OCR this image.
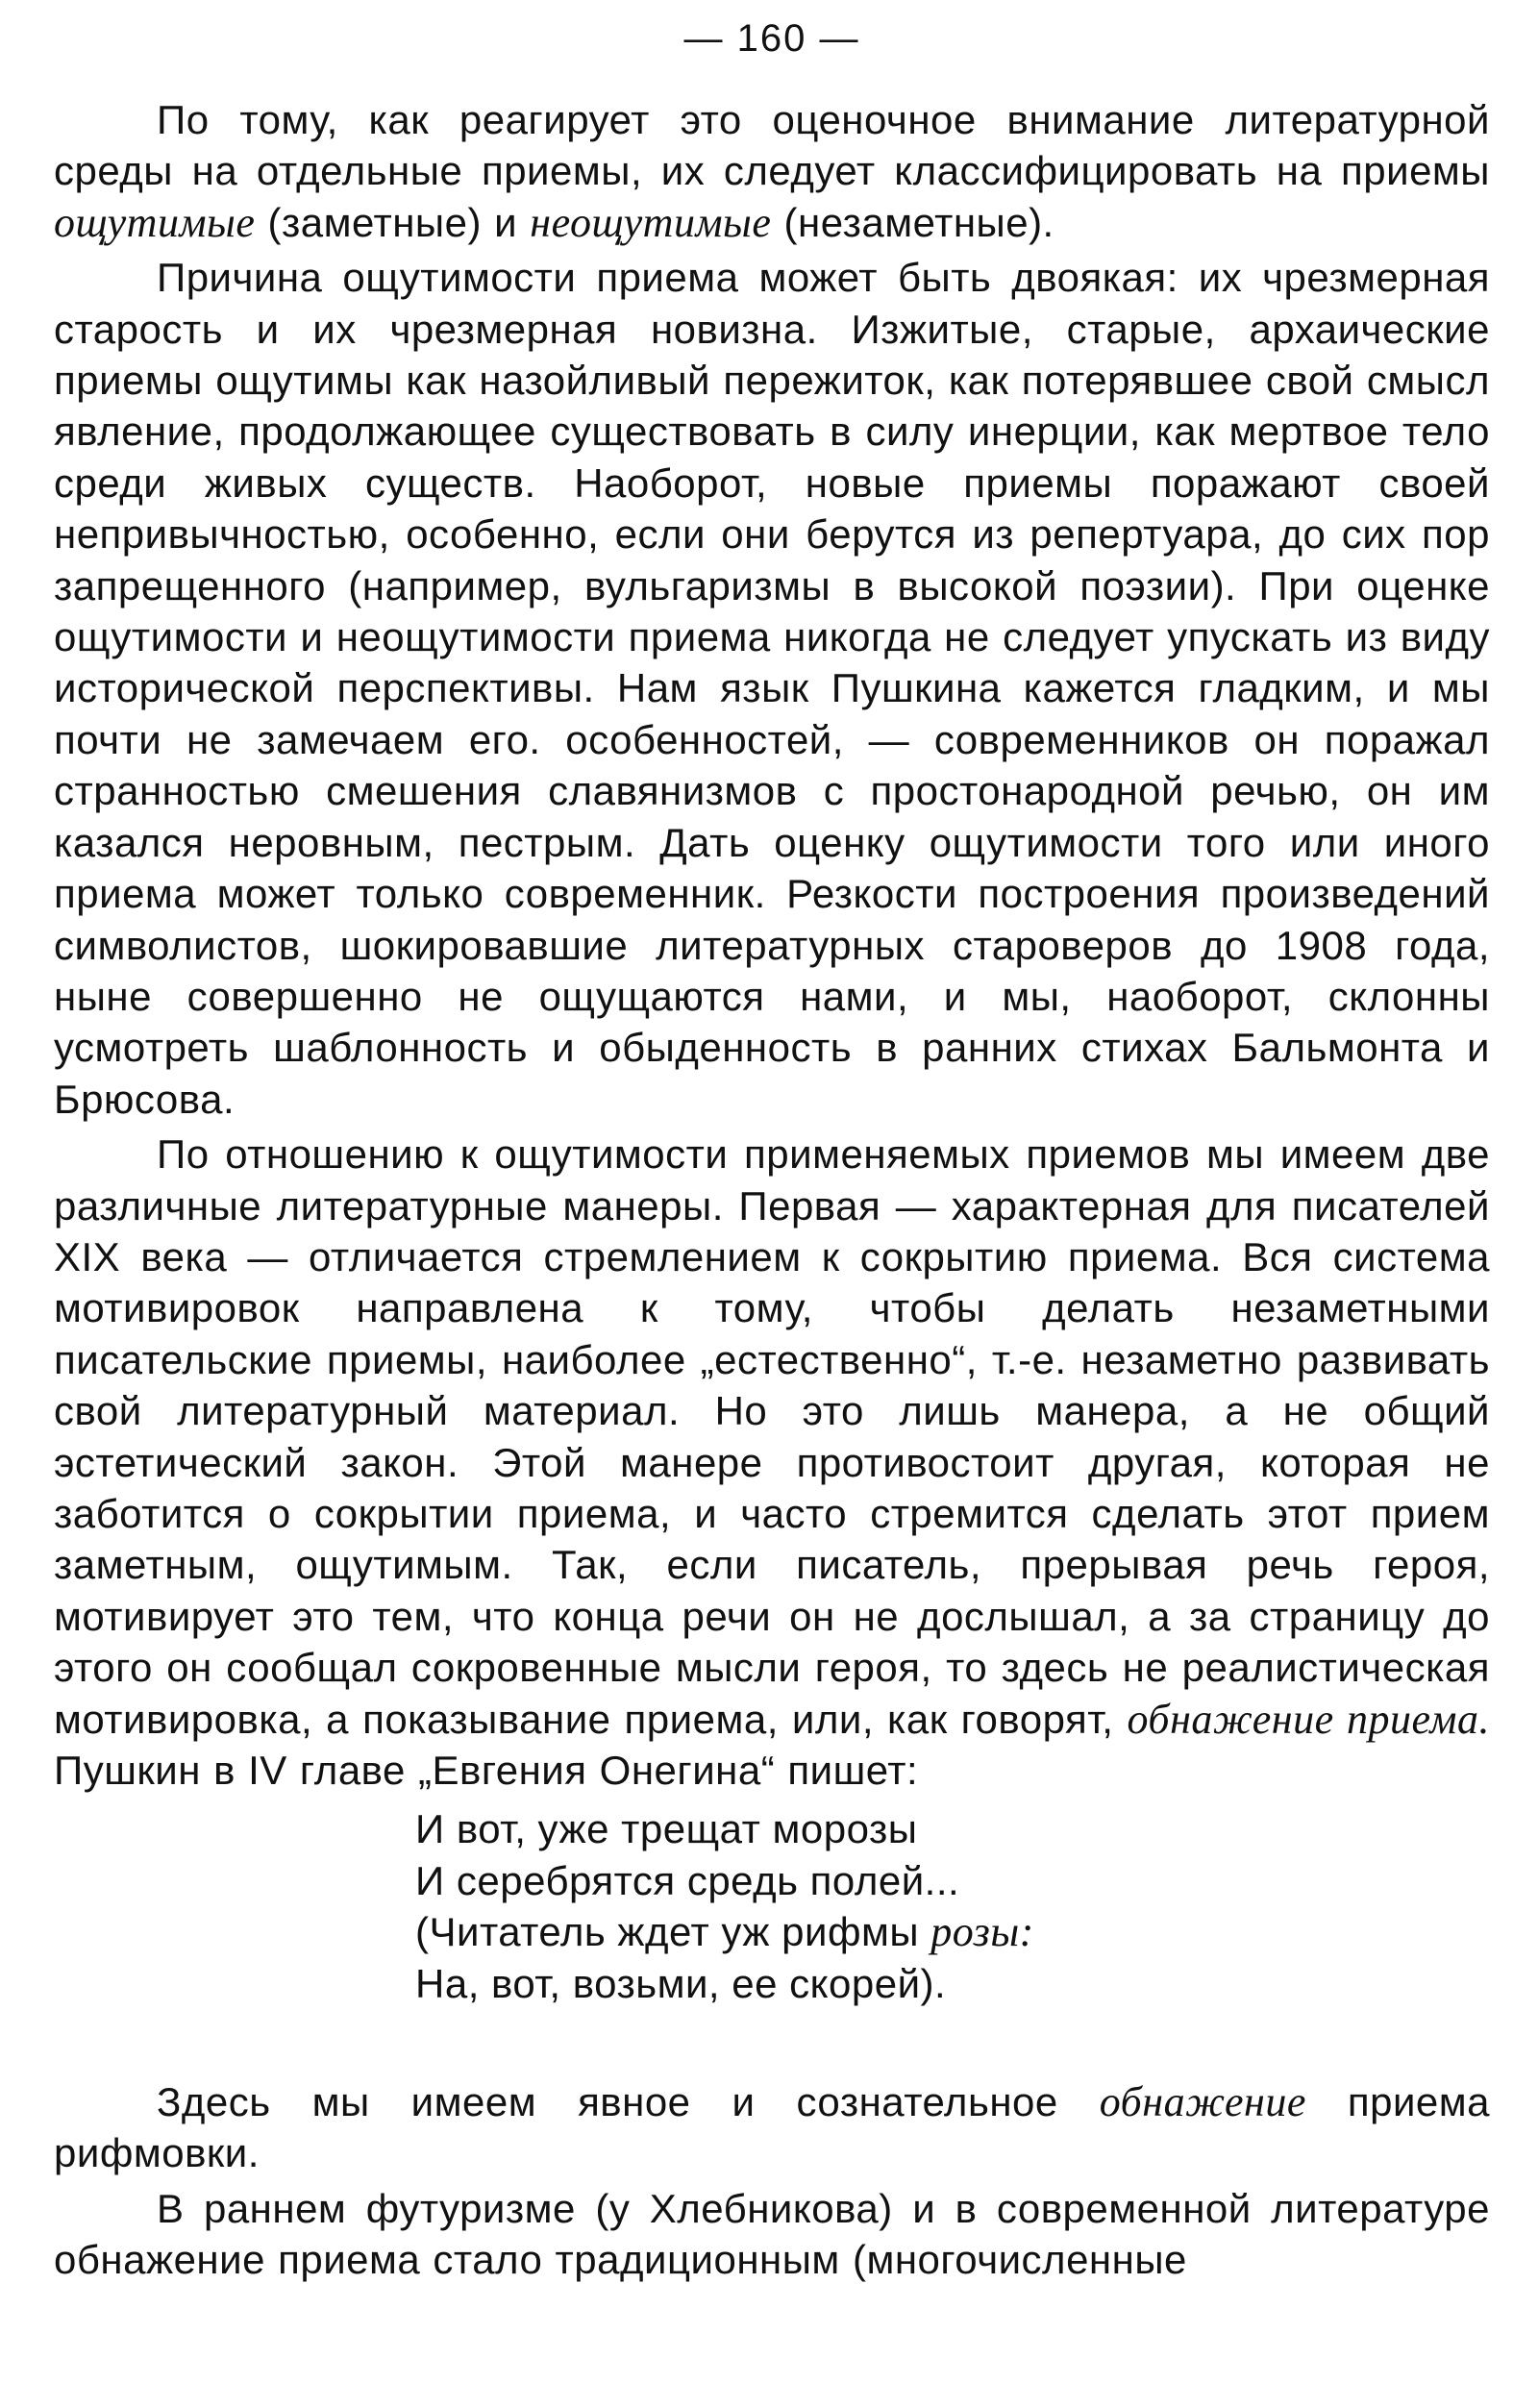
— 160 —

По тому, как реагирует это оценочное внимание литературной среды на отдельные приемы, их следует классифицировать на приемы ощутимые (заметные) и неощутимые (незаметные).

Причина ощутимости приема может быть двоякая: их чрезмерная старость и их чрезмерная новизна. Изжитые, старые, архаические приемы ощутимы как назойливый пережиток, как потерявшее свой смысл явление, продолжающее существовать в силу инерции, как мертвое тело среди живых существ. Наоборот, новые приемы поражают своей непривычностью, особенно, если они берутся из репертуара, до сих пор запрещенного (например, вульгаризмы в высокой поэзии). При оценке ощутимости и неощутимости приема никогда не следует упускать из виду исторической перспективы. Нам язык Пушкина кажется гладким, и мы почти не замечаем его. особенностей, — современников он поражал странностью смешения славянизмов с простонародной речью, он им казался неровным, пестрым. Дать оценку ощутимости того или иного приема может только современник. Резкости построения произведений символистов, шокировавшие литературных староверов до 1908 года, ныне совершенно не ощущаются нами, и мы, наоборот, склонны усмотреть шаблонность и обыденность в ранних стихах Бальмонта и Брюсова.

По отношению к ощутимости применяемых приемов мы имеем две различные литературные манеры. Первая — характерная для писателей XIX века — отличается стремлением к сокрытию приема. Вся система мотивировок направлена к тому, чтобы делать незаметными писательские приемы, наиболее „естественно“, т.-е. незаметно развивать свой литературный материал. Но это лишь манера, а не общий эстетический закон. Этой манере противостоит другая, которая не заботится о сокрытии приема, и часто стремится сделать этот прием заметным, ощутимым. Так, если писатель, прерывая речь героя, мотивирует это тем, что конца речи он не дослышал, а за страницу до этого он сообщал сокровенные мысли героя, то здесь не реалистическая мотивировка, а показывание приема, или, как говорят, обнажение приема. Пушкин в IV главе „Евгения Онегина“ пишет:

И вот, уже трещат морозы
И серебрятся средь полей...
(Читатель ждет уж рифмы розы:
На, вот, возьми, ее скорей).

Здесь мы имеем явное и сознательное обнажение приема рифмовки.

В раннем футуризме (у Хлебникова) и в современной литературе обнажение приема стало традиционным (многочисленные
